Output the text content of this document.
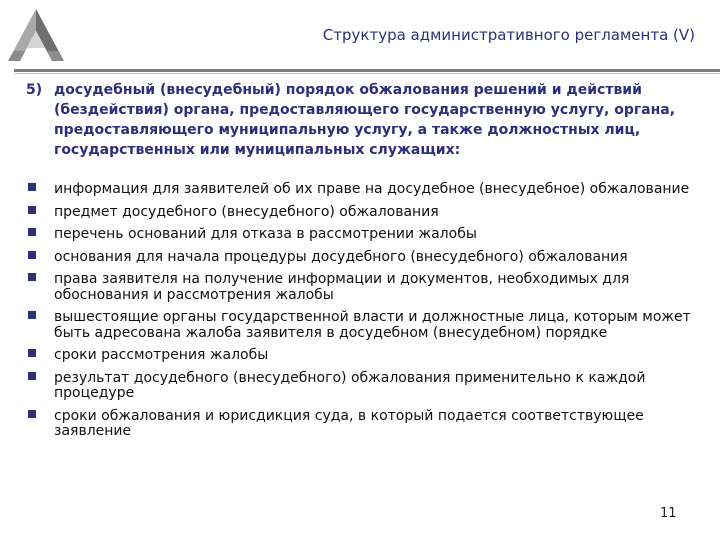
Структура административного регламента (V)
5) досудебный (внесудебный) порядок обжалования решений и действий (бездействия) органа, предоставляющего государственную услугу, органа, предоставляющего муниципальную услугу, а также должностных лиц, государственных или муниципальных служащих:
информация для заявителей об их праве на досудебное (внесудебное) обжалование
предмет досудебного (внесудебного) обжалования
перечень оснований для отказа в рассмотрении жалобы
основания для начала процедуры досудебного (внесудебного) обжалования
права заявителя на получение информации и документов, необходимых для обоснования и рассмотрения жалобы
вышестоящие органы государственной власти и должностные лица, которым может быть адресована жалоба заявителя в досудебном (внесудебном) порядке
сроки рассмотрения жалобы
результат досудебного (внесудебного) обжалования применительно к каждой процедуре
сроки обжалования и юрисдикция суда, в который подается соответствующее заявление
11
